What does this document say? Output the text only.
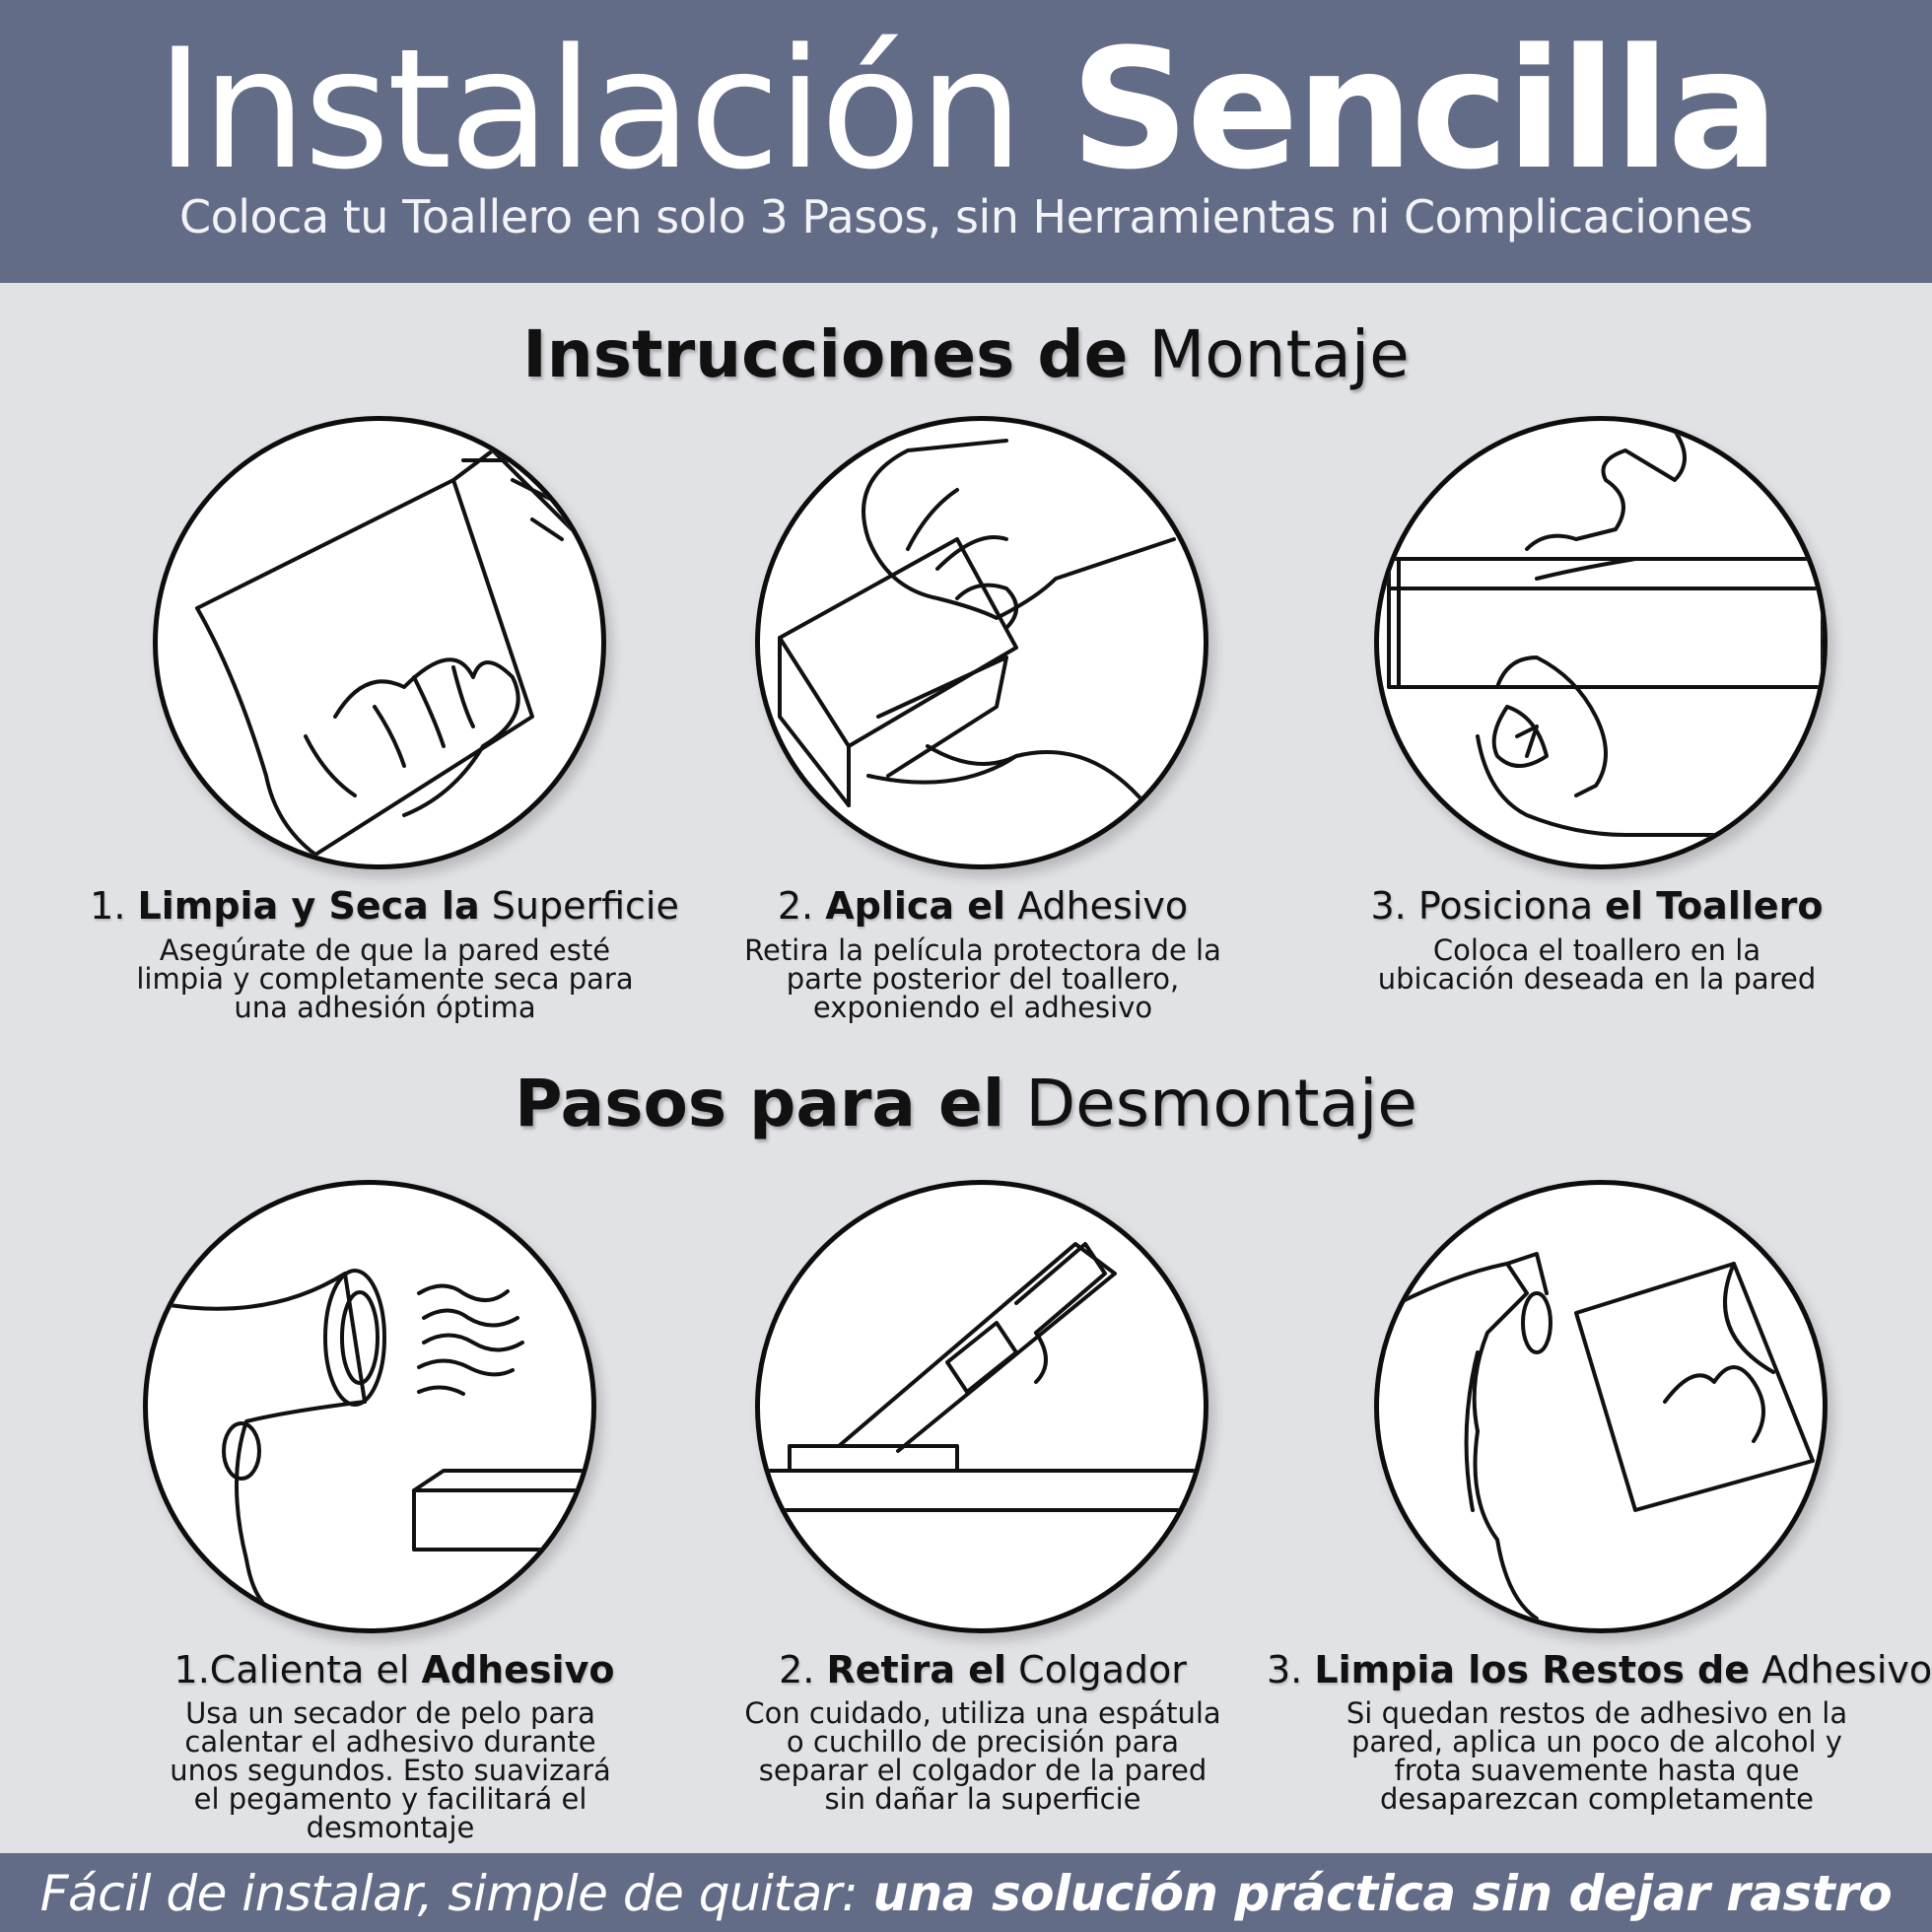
Instalación Sencilla
Coloca tu Toallero en solo 3 Pasos, sin Herramientas ni Complicaciones
Instrucciones de Montaje
1. Limpia y Seca la Superficie
Asegúrate de que la pared esté limpia y completamente seca para una adhesión óptima
2. Aplica el Adhesivo
Retira la película protectora de la parte posterior del toallero, exponiendo el adhesivo
3. Posiciona el Toallero
Coloca el toallero en la ubicación deseada en la pared
Pasos para el Desmontaje
1.Calienta el Adhesivo
Usa un secador de pelo para calentar el adhesivo durante unos segundos. Esto suavizará el pegamento y facilitará el desmontaje
2. Retira el Colgador
Con cuidado, utiliza una espátula o cuchillo de precisión para separar el colgador de la pared sin dañar la superficie
3. Limpia los Restos de Adhesivo
Si quedan restos de adhesivo en la pared, aplica un poco de alcohol y frota suavemente hasta que desaparezcan completamente
Fácil de instalar, simple de quitar: una solución práctica sin dejar rastro
